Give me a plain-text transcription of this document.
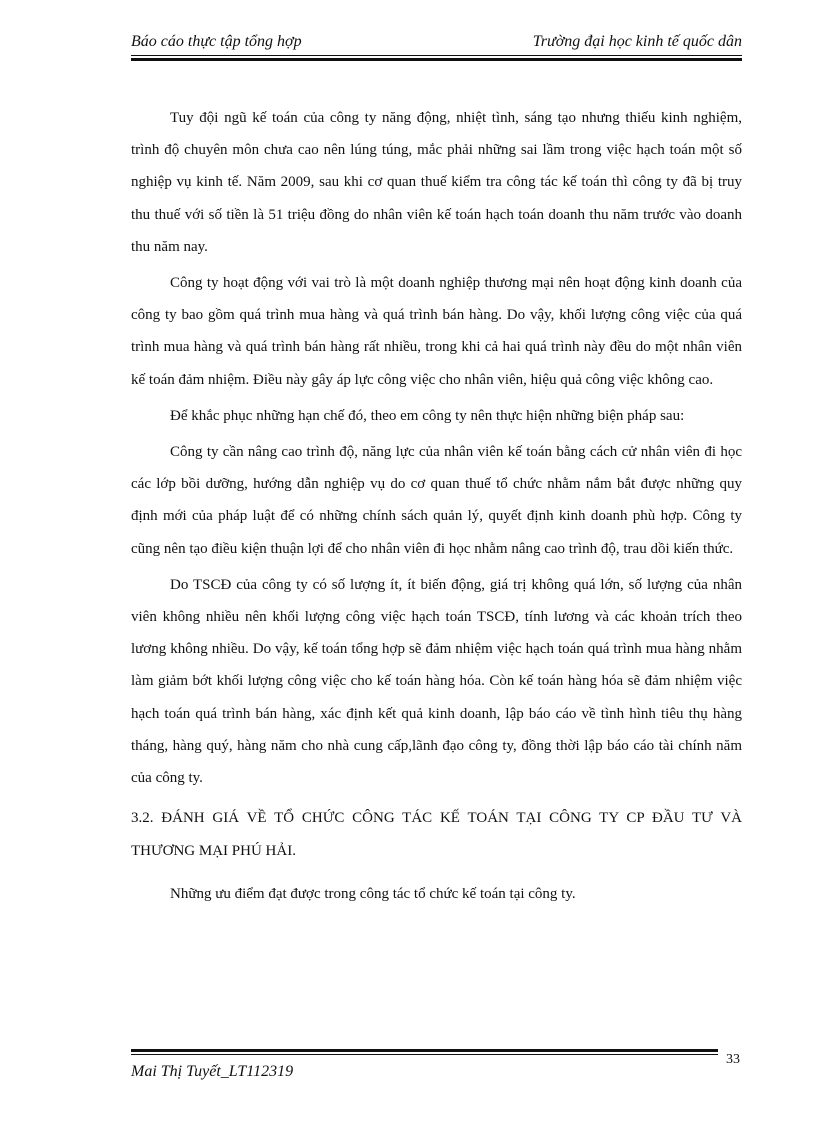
Báo cáo thực tập tổng hợp	Trường đại học kinh tế quốc dân

Tuy đội ngũ kế toán của công ty năng động, nhiệt tình, sáng tạo nhưng thiếu kinh nghiệm, trình độ chuyên môn chưa cao nên lúng túng, mắc phải những sai lầm trong việc hạch toán một số nghiệp vụ kinh tế. Năm 2009, sau khi cơ quan thuế kiểm tra công tác kế toán thì công ty đã bị truy thu thuế với số tiền là 51 triệu đồng do nhân viên kế toán hạch toán doanh thu năm trước vào doanh thu năm nay.

Công ty hoạt động với vai trò là một doanh nghiệp thương mại nên hoạt động kinh doanh của công ty bao gồm quá trình mua hàng và quá trình bán hàng. Do vậy, khối lượng công việc của quá trình mua hàng và quá trình bán hàng rất nhiều, trong khi cả hai quá trình này đều do một nhân viên kế toán đảm nhiệm. Điều này gây áp lực công việc cho nhân viên, hiệu quả công việc không cao.

Để khắc phục những hạn chế đó, theo em công ty nên thực hiện những biện pháp sau:

Công ty cần nâng cao trình độ, năng lực của nhân viên kế toán bằng cách cử nhân viên đi học các lớp bồi dưỡng, hướng dẫn nghiệp vụ do cơ quan thuế tổ chức nhằm nắm bắt được những quy định mới của pháp luật để có những chính sách quản lý, quyết định kinh doanh phù hợp. Công ty cũng nên tạo điều kiện thuận lợi để cho nhân viên đi học nhằm nâng cao trình độ, trau dồi kiến thức.

Do TSCĐ của công ty có số lượng ít, ít biến động, giá trị không quá lớn, số lượng của nhân viên không nhiều nên khối lượng công việc hạch toán TSCĐ, tính lương và các khoản trích theo lương không nhiều. Do vậy, kế toán tổng hợp sẽ đảm nhiệm việc hạch toán quá trình mua hàng nhằm làm giảm bớt khối lượng công việc cho kế toán hàng hóa. Còn kế toán hàng hóa sẽ đảm nhiệm việc hạch toán quá trình bán hàng, xác định kết quả kinh doanh, lập báo cáo về tình hình tiêu thụ hàng tháng, hàng quý, hàng năm cho nhà cung cấp,lãnh đạo công ty, đồng thời lập báo cáo tài chính năm của công ty.

3.2. ĐÁNH GIÁ VỀ TỔ CHỨC CÔNG TÁC KẾ TOÁN TẠI CÔNG TY CP ĐẦU TƯ VÀ THƯƠNG MẠI PHÚ HẢI.

Những ưu điểm đạt được trong công tác tổ chức kế toán tại công ty.

Mai Thị Tuyết_LT112319
33
